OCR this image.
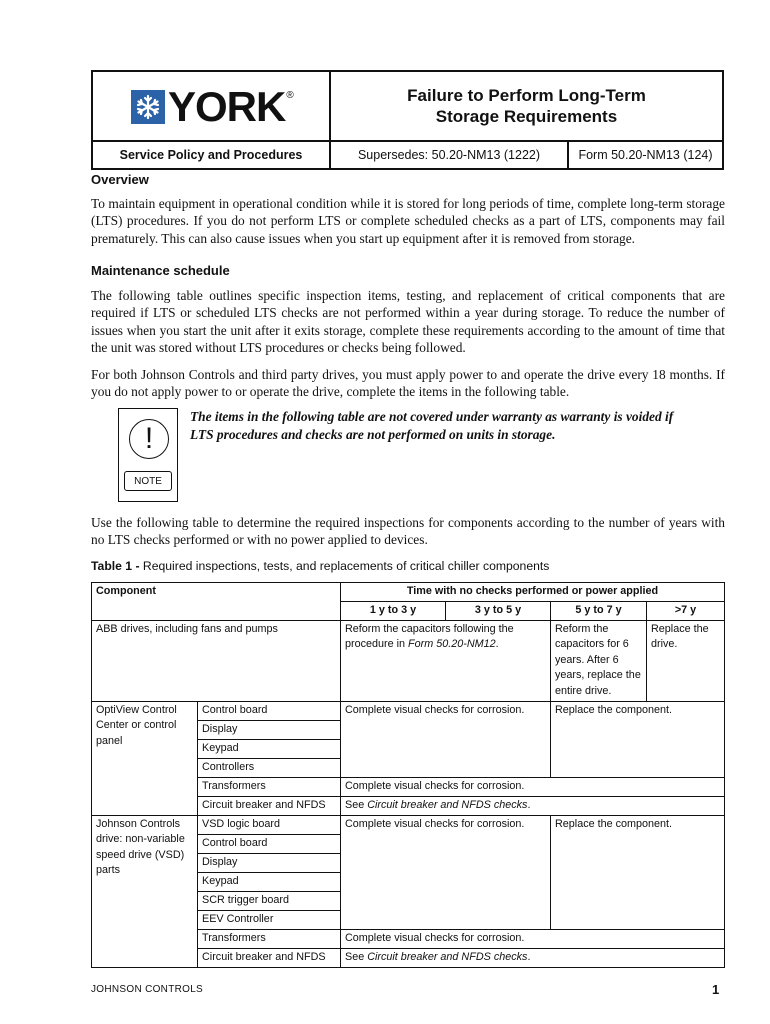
YORK ®	Failure to Perform Long-Term Storage Requirements
Service Policy and Procedures	Supersedes: 50.20-NM13 (1222)	Form 50.20-NM13 (124)
Overview

To maintain equipment in operational condition while it is stored for long periods of time, complete long-term storage (LTS) procedures. If you do not perform LTS or complete scheduled checks as a part of LTS, components may fail prematurely. This can also cause issues when you start up equipment after it is removed from storage.

Maintenance schedule

The following table outlines specific inspection items, testing, and replacement of critical components that are required if LTS or scheduled LTS checks are not performed within a year during storage. To reduce the number of issues when you start the unit after it exits storage, complete these requirements according to the amount of time that the unit was stored without LTS procedures or checks being followed.

For both Johnson Controls and third party drives, you must apply power to and operate the drive every 18 months. If you do not apply power to or operate the drive, complete the items in the following table.

!
NOTE

The items in the following table are not covered under warranty as warranty is voided if LTS procedures and checks are not performed on units in storage.

Use the following table to determine the required inspections for components according to the number of years with no LTS checks performed or with no power applied to devices.

Table 1 - Required inspections, tests, and replacements of critical chiller components

Component		Time with no checks performed or power applied			
		1 y to 3 y	3 y to 5 y	5 y to 7 y	>7 y
ABB drives, including fans and pumps		Reform the capacitors following the procedure in Form 50.20-NM12.		Reform the capacitors for 6 years. After 6 years, replace the entire drive.	Replace the drive.
OptiView Control Center or control panel	Control board	Complete visual checks for corrosion.		Replace the component.	
	Display				
	Keypad				
	Controllers				
	Transformers	Complete visual checks for corrosion.			
	Circuit breaker and NFDS	See Circuit breaker and NFDS checks.			
Johnson Controls drive: non-variable speed drive (VSD) parts	VSD logic board	Complete visual checks for corrosion.		Replace the component.	
	Control board				
	Display				
	Keypad				
	SCR trigger board				
	EEV Controller				
	Transformers	Complete visual checks for corrosion.			
	Circuit breaker and NFDS	See Circuit breaker and NFDS checks.			
JOHNSON CONTROLS	1
